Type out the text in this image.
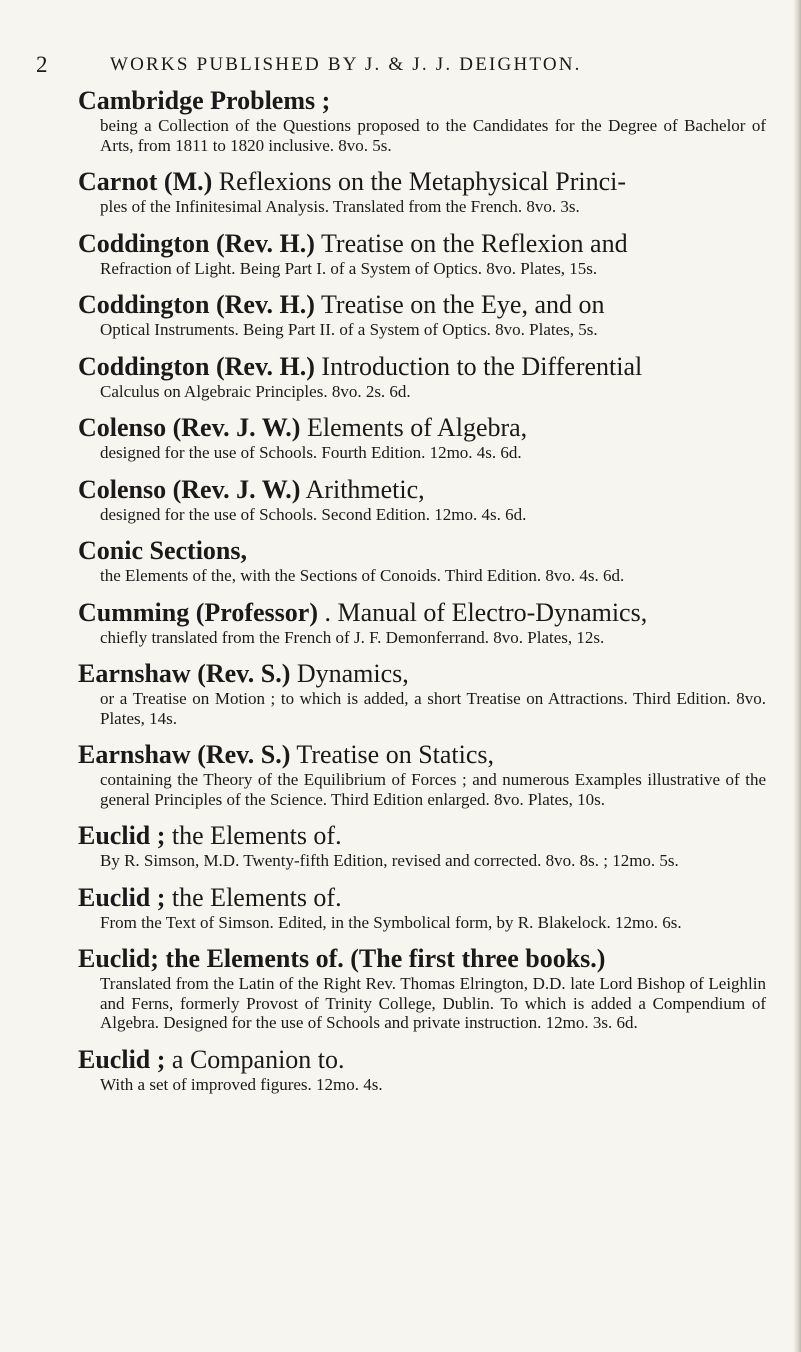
2	WORKS PUBLISHED BY J. & J. J. DEIGHTON.

Cambridge Problems ;

being a Collection of the Questions proposed to the Candidates for the Degree of Bachelor of Arts, from 1811 to 1820 inclusive. 8vo. 5s.

Carnot (M.) Reflexions on the Metaphysical Princi-

ples of the Infinitesimal Analysis. Translated from the French. 8vo. 3s.

Coddington (Rev. H.) Treatise on the Reflexion and

Refraction of Light. Being Part I. of a System of Optics. 8vo. Plates, 15s.

Coddington (Rev. H.) Treatise on the Eye, and on

Optical Instruments. Being Part II. of a System of Optics. 8vo. Plates, 5s.

Coddington (Rev. H.) Introduction to the Differential

Calculus on Algebraic Principles. 8vo. 2s. 6d.

Colenso (Rev. J. W.) Elements of Algebra,

designed for the use of Schools. Fourth Edition. 12mo. 4s. 6d.

Colenso (Rev. J. W.) Arithmetic,

designed for the use of Schools. Second Edition. 12mo. 4s. 6d.

Conic Sections,

the Elements of the, with the Sections of Conoids. Third Edition. 8vo. 4s. 6d.

Cumming (Professor) . Manual of Electro-Dynamics,

chiefly translated from the French of J. F. Demonferrand. 8vo. Plates, 12s.

Earnshaw (Rev. S.) Dynamics,

or a Treatise on Motion ; to which is added, a short Treatise on Attractions. Third Edition. 8vo. Plates, 14s.

Earnshaw (Rev. S.) Treatise on Statics,

containing the Theory of the Equilibrium of Forces ; and numerous Examples illustrative of the general Principles of the Science. Third Edition enlarged. 8vo. Plates, 10s.

Euclid ; the Elements of.

By R. Simson, M.D. Twenty-fifth Edition, revised and corrected. 8vo. 8s. ; 12mo. 5s.

Euclid ; the Elements of.

From the Text of Simson. Edited, in the Symbolical form, by R. Blakelock. 12mo. 6s.

Euclid; the Elements of. (The first three books.)

Translated from the Latin of the Right Rev. Thomas Elrington, D.D. late Lord Bishop of Leighlin and Ferns, formerly Provost of Trinity College, Dublin. To which is added a Compendium of Algebra. Designed for the use of Schools and private instruction. 12mo. 3s. 6d.

Euclid ; a Companion to.

With a set of improved figures. 12mo. 4s.
